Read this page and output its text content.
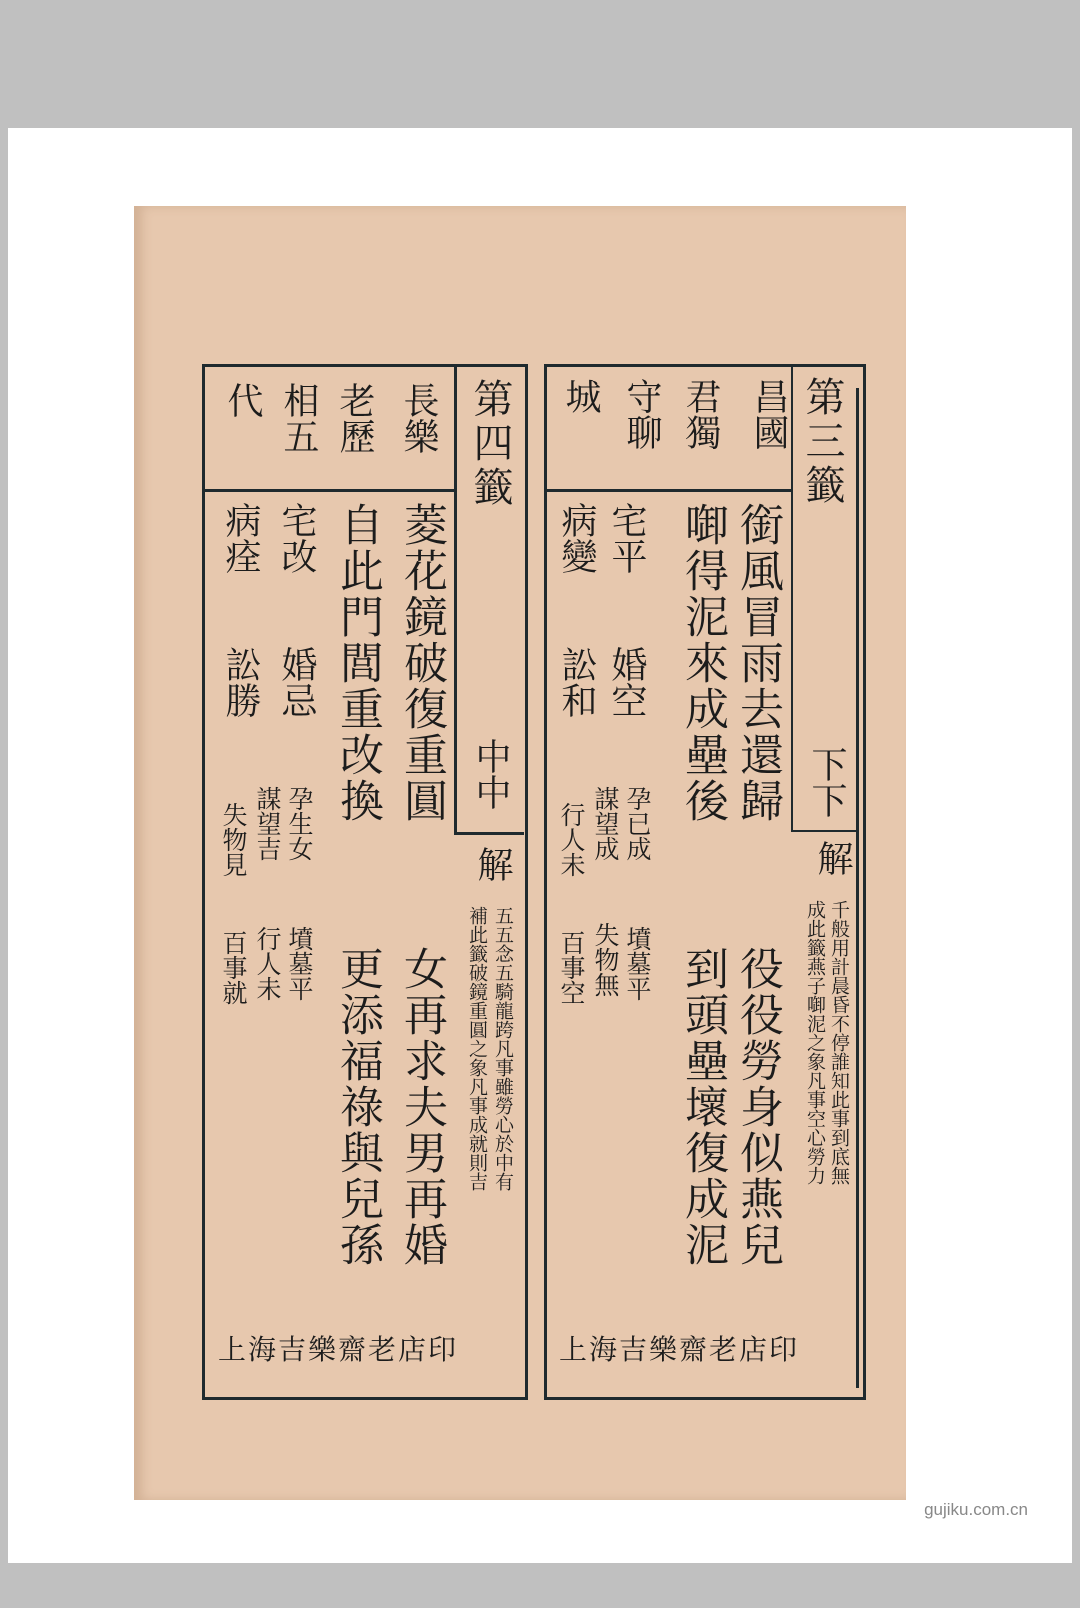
第三籤
下下
昌國
君獨
守聊
城
銜風冒雨去還歸
啣得泥來成壘後
役役勞身似燕兒
到頭壘壞復成泥
解
千般用計晨昏不停誰知此事到底無
成此籤燕子啣泥之象凡事空心勞力
宅平
婚空
病變
訟和
孕已成
謀望成
行人未
墳墓平
失物無
百事空
上海吉樂齋老店印
第四籤
中中
長樂
老歷
相五
代
菱花鏡破復重圓
自此門閭重改換
女再求夫男再婚
更添福祿與兒孫
解
五五念五騎龍跨凡事雖勞心於中有
補此籤破鏡重圓之象凡事成就則吉
宅改
婚忌
病痊
訟勝
孕生女
謀望吉
失物見
墳墓平
行人未
百事就
上海吉樂齋老店印
gujiku.com.cn
